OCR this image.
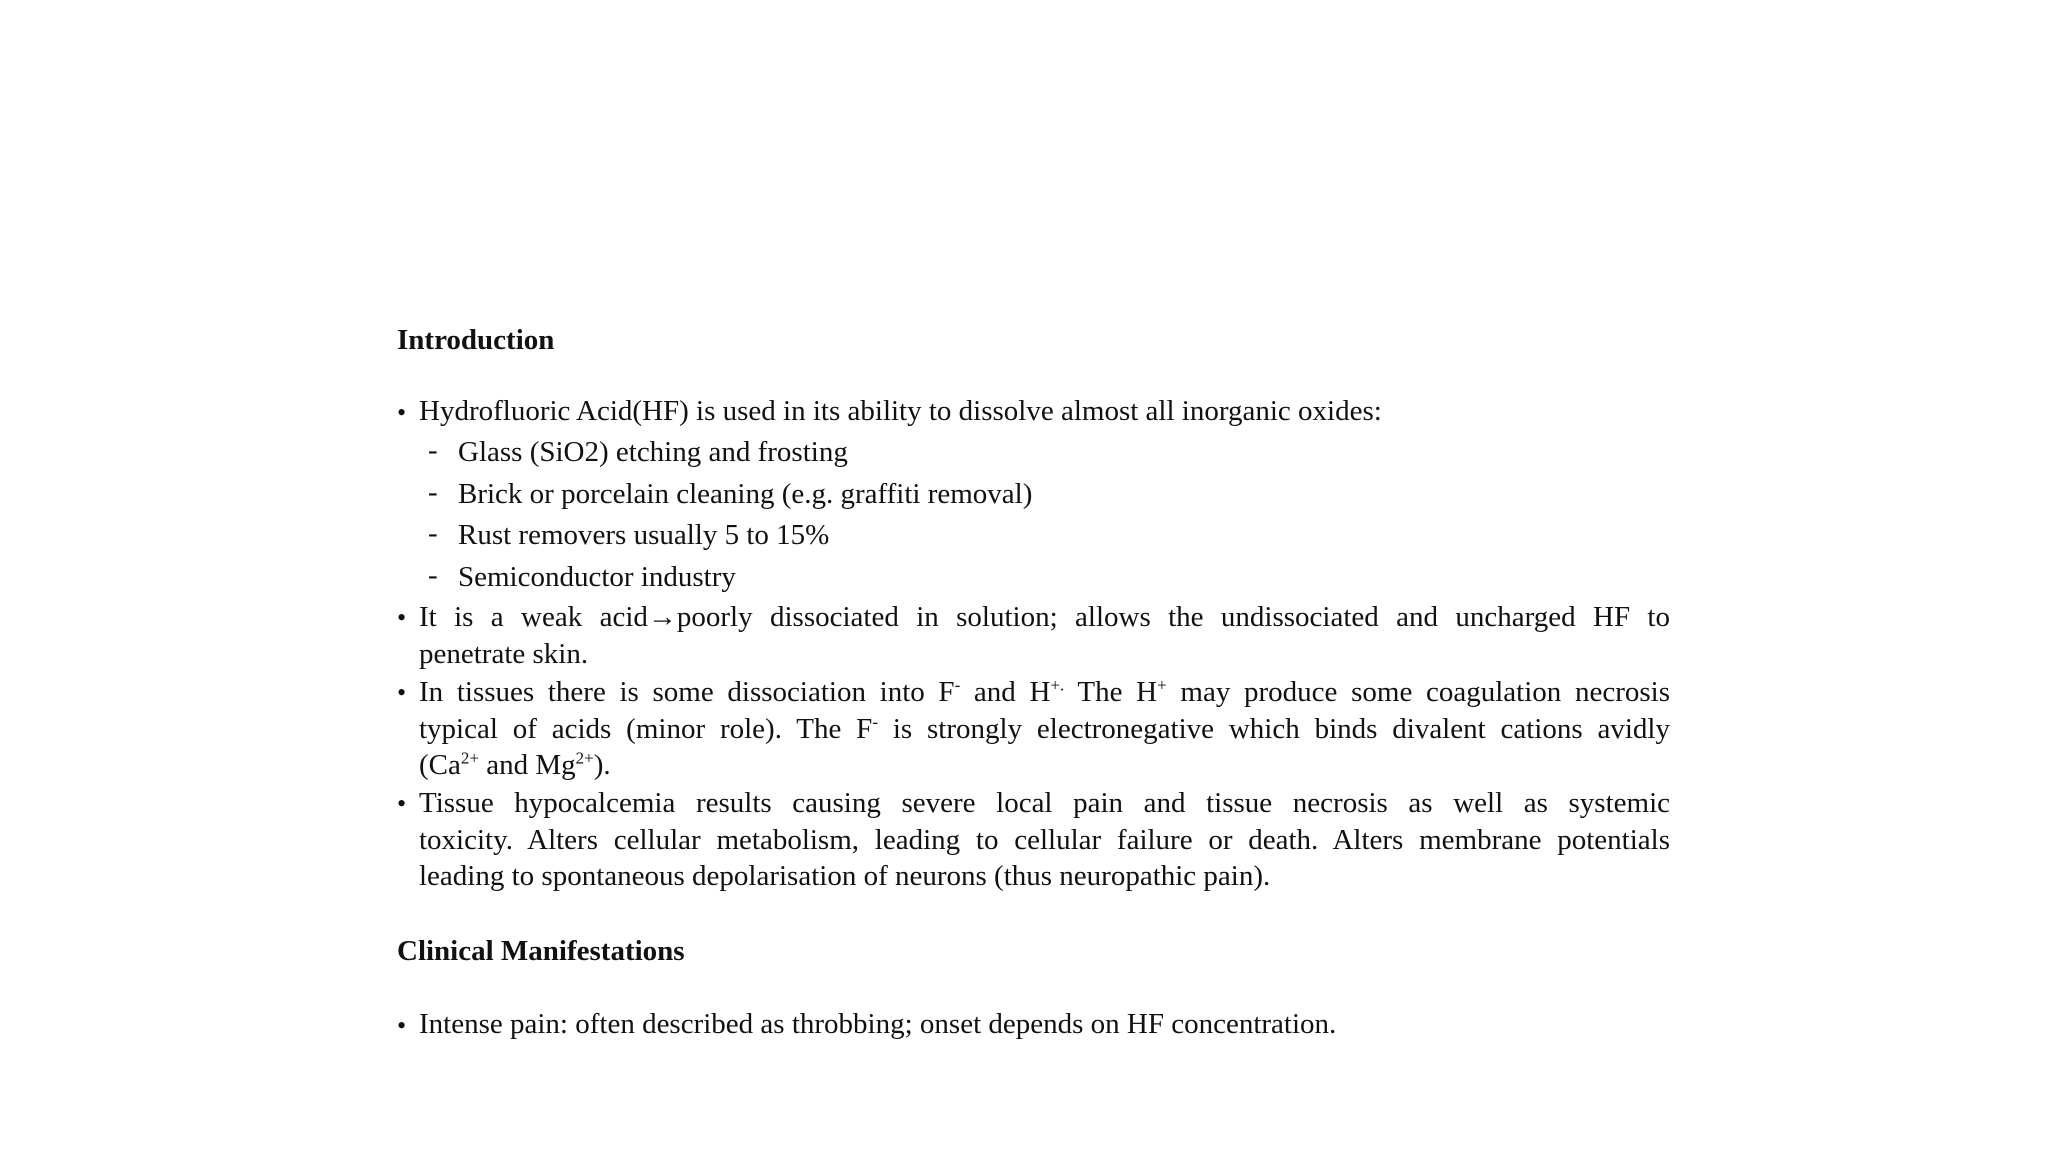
Introduction
• Hydrofluoric Acid(HF) is used in its ability to dissolve almost all inorganic oxides:
- Glass (SiO2) etching and frosting
- Brick or porcelain cleaning (e.g. graffiti removal)
- Rust removers usually 5 to 15%
- Semiconductor industry
• It is a weak acid→poorly dissociated in solution; allows the undissociated and uncharged HF to
penetrate skin.
• In tissues there is some dissociation into F- and H+. The H+ may produce some coagulation necrosis
typical of acids (minor role). The F- is strongly electronegative which binds divalent cations avidly
($Ca^{2+}$ and $Mg^{2+}$).
• Tissue hypocalcemia results causing severe local pain and tissue necrosis as well as systemic
toxicity. Alters cellular metabolism, leading to cellular failure or death. Alters membrane potentials
leading to spontaneous depolarisation of neurons (thus neuropathic pain).
Clinical Manifestations
• Intense pain: often described as throbbing; onset depends on HF concentration.
